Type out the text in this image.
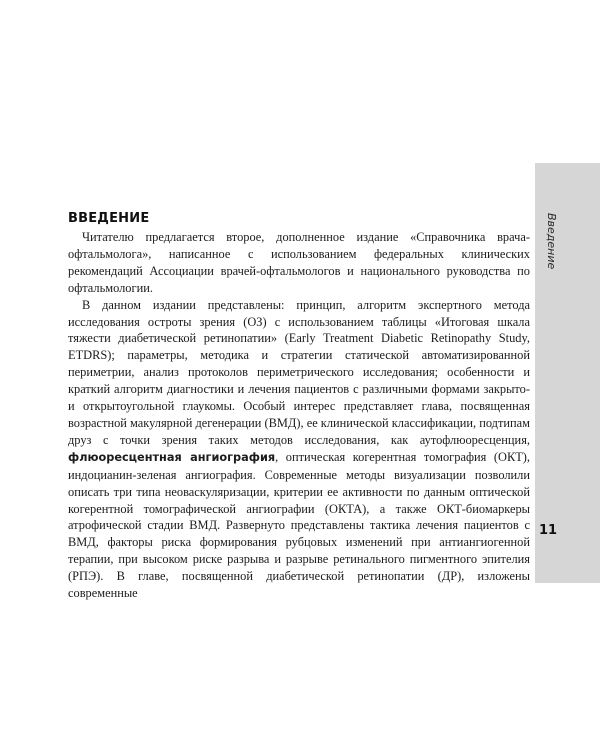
Введение
11
ВВЕДЕНИЕ

Читателю предлагается второе, дополненное издание «Справочника врача-офтальмолога», написанное с использованием федеральных клинических рекомендаций Ассоциации врачей-офтальмологов и национального руководства по офтальмологии.

В данном издании представлены: принцип, алгоритм экспертного метода исследования остроты зрения (ОЗ) с использованием таблицы «Итоговая шкала тяжести диабетической ретинопатии» (Early Treatment Diabetic Retinopathy Study, ETDRS); параметры, методика и стратегии статической автоматизированной периметрии, анализ протоколов периметрического исследования; особенности и краткий алгоритм диагностики и лечения пациентов с различными формами закрыто- и открытоугольной глаукомы. Особый интерес представляет глава, посвященная возрастной макулярной дегенерации (ВМД), ее клинической классификации, подтипам друз с точки зрения таких методов исследования, как аутофлюоресценция, флюоресцентная ангиография, оптическая когерентная томография (ОКТ), индоцианин-зеленая ангиография. Современные методы визуализации позволили описать три типа неоваскуляризации, критерии ее активности по данным оптической когерентной томографической ангиографии (ОКТА), а также ОКТ-биомаркеры атрофической стадии ВМД. Развернуто представлены тактика лечения пациентов с ВМД, факторы риска формирования рубцовых изменений при антиангиогенной терапии, при высоком риске разрыва и разрыве ретинального пигментного эпителия (РПЭ). В главе, посвященной диабетической ретинопатии (ДР), изложены современные
